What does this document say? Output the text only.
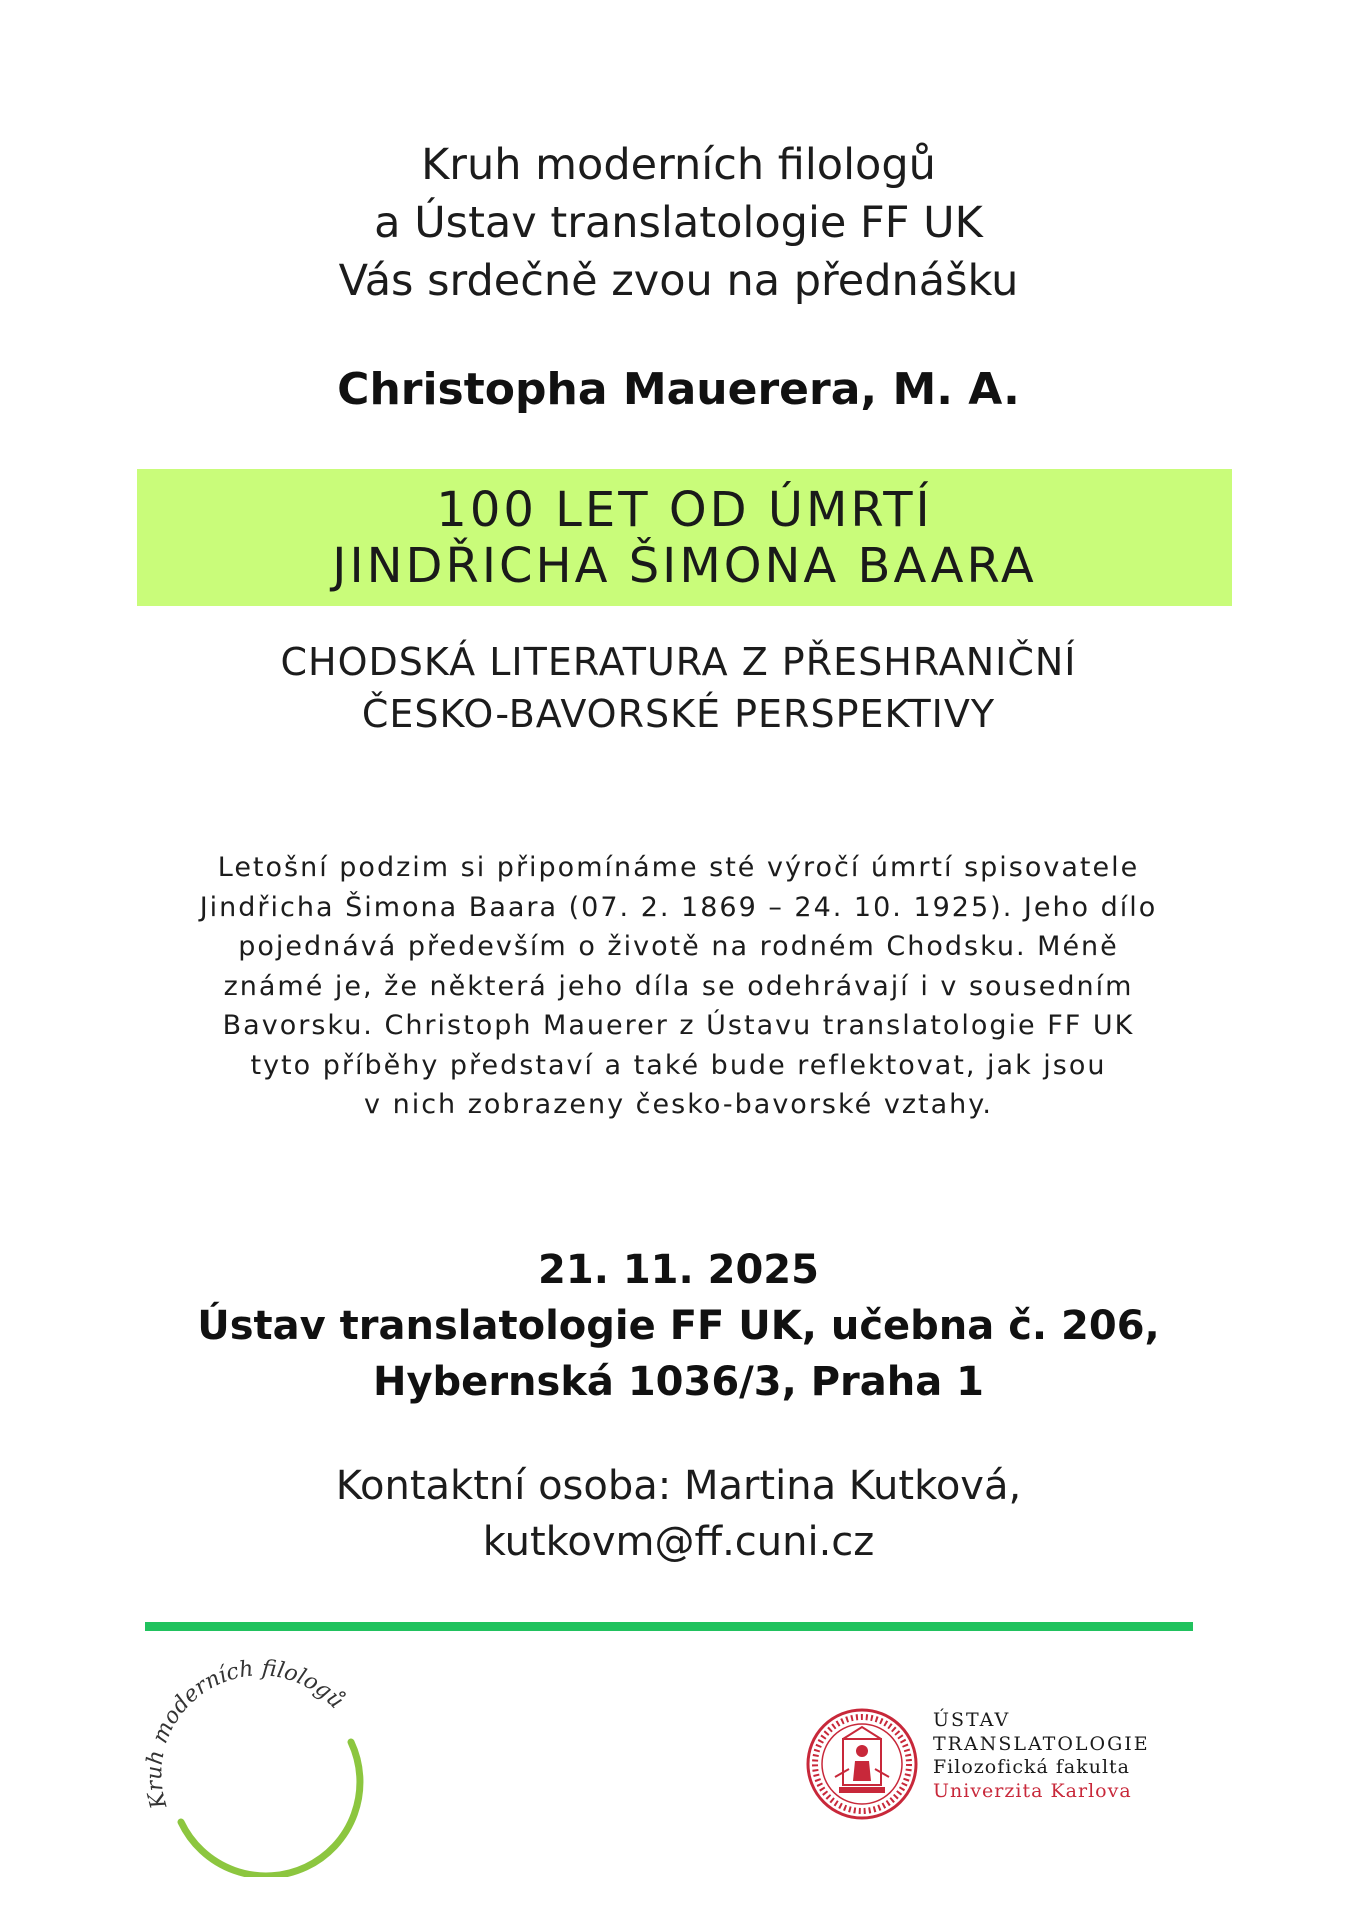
Kruh moderních filologů
a Ústav translatologie FF UK
Vás srdečně zvou na přednášku
Christopha Mauerera, M. A.
100 LET OD ÚMRTÍ
JINDŘICHA ŠIMONA BAARA
CHODSKÁ LITERATURA Z PŘESHRANIČNÍ
ČESKO-BAVORSKÉ PERSPEKTIVY
Letošní podzim si připomínáme sté výročí úmrtí spisovatele
Jindřicha Šimona Baara (07. 2. 1869 – 24. 10. 1925). Jeho dílo
pojednává především o životě na rodném Chodsku. Méně
známé je, že některá jeho díla se odehrávají i v sousedním
Bavorsku. Christoph Mauerer z Ústavu translatologie FF UK
tyto příběhy představí a také bude reflektovat, jak jsou
v nich zobrazeny česko-bavorské vztahy.
21. 11. 2025
Ústav translatologie FF UK, učebna č. 206,
Hybernská 1036/3, Praha 1
Kontaktní osoba: Martina Kutková,
kutkovm@ff.cuni.cz
Kr h moderních filologů
ÚSTAV
TRANSLATOLOGIE
Filozofická fakulta
Univerzita Karlova
